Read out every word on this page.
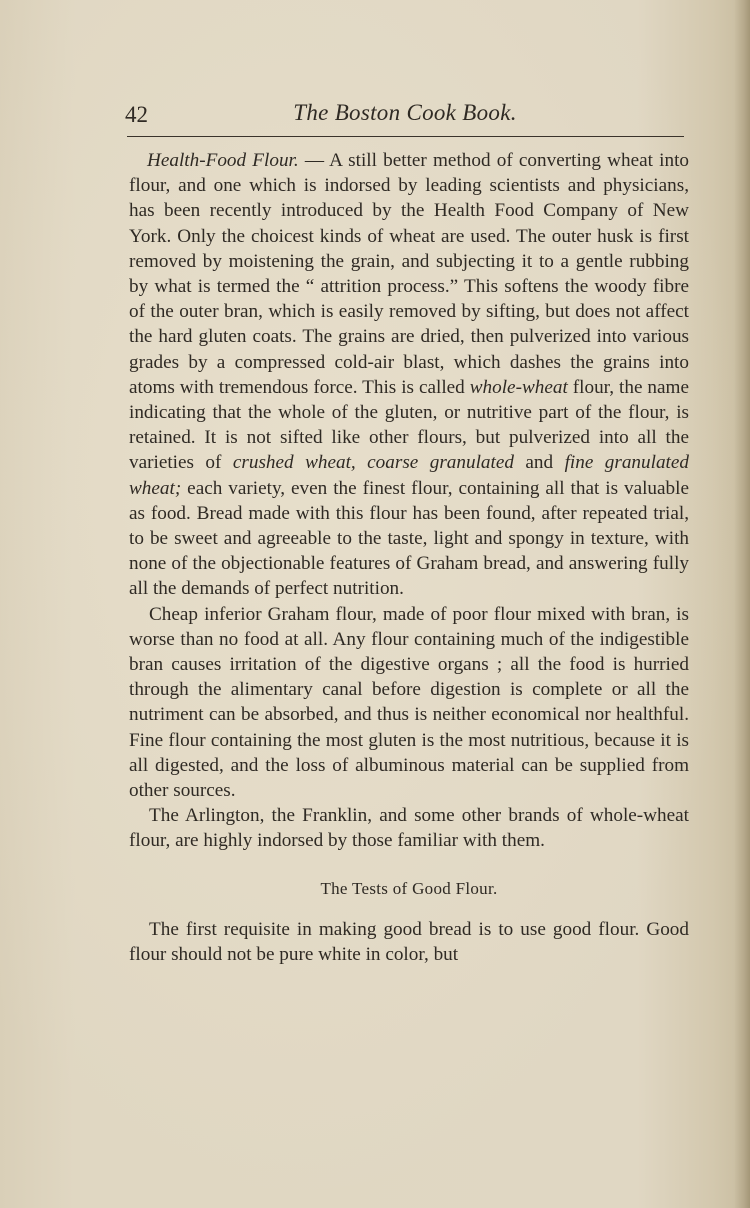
42	The Boston Cook Book.

Health-Food Flour. — A still better method of converting wheat into flour, and one which is indorsed by leading scientists and physicians, has been recently introduced by the Health Food Company of New York. Only the choicest kinds of wheat are used. The outer husk is first removed by moistening the grain, and subjecting it to a gentle rubbing by what is termed the “ attrition process.” This softens the woody fibre of the outer bran, which is easily removed by sifting, but does not affect the hard gluten coats. The grains are dried, then pulverized into various grades by a compressed cold-air blast, which dashes the grains into atoms with tremendous force. This is called whole-wheat flour, the name indicating that the whole of the gluten, or nutritive part of the flour, is retained. It is not sifted like other flours, but pulverized into all the varieties of crushed wheat, coarse granulated and fine granulated wheat; each variety, even the finest flour, containing all that is valuable as food. Bread made with this flour has been found, after repeated trial, to be sweet and agreeable to the taste, light and spongy in texture, with none of the objectionable features of Graham bread, and answering fully all the demands of perfect nutrition.

Cheap inferior Graham flour, made of poor flour mixed with bran, is worse than no food at all. Any flour containing much of the indigestible bran causes irritation of the digestive organs ; all the food is hurried through the alimentary canal before digestion is complete or all the nutriment can be absorbed, and thus is neither economical nor healthful. Fine flour containing the most gluten is the most nutritious, because it is all digested, and the loss of albuminous material can be supplied from other sources.

The Arlington, the Franklin, and some other brands of whole-wheat flour, are highly indorsed by those familiar with them.

The Tests of Good Flour.

The first requisite in making good bread is to use good flour. Good flour should not be pure white in color, but
